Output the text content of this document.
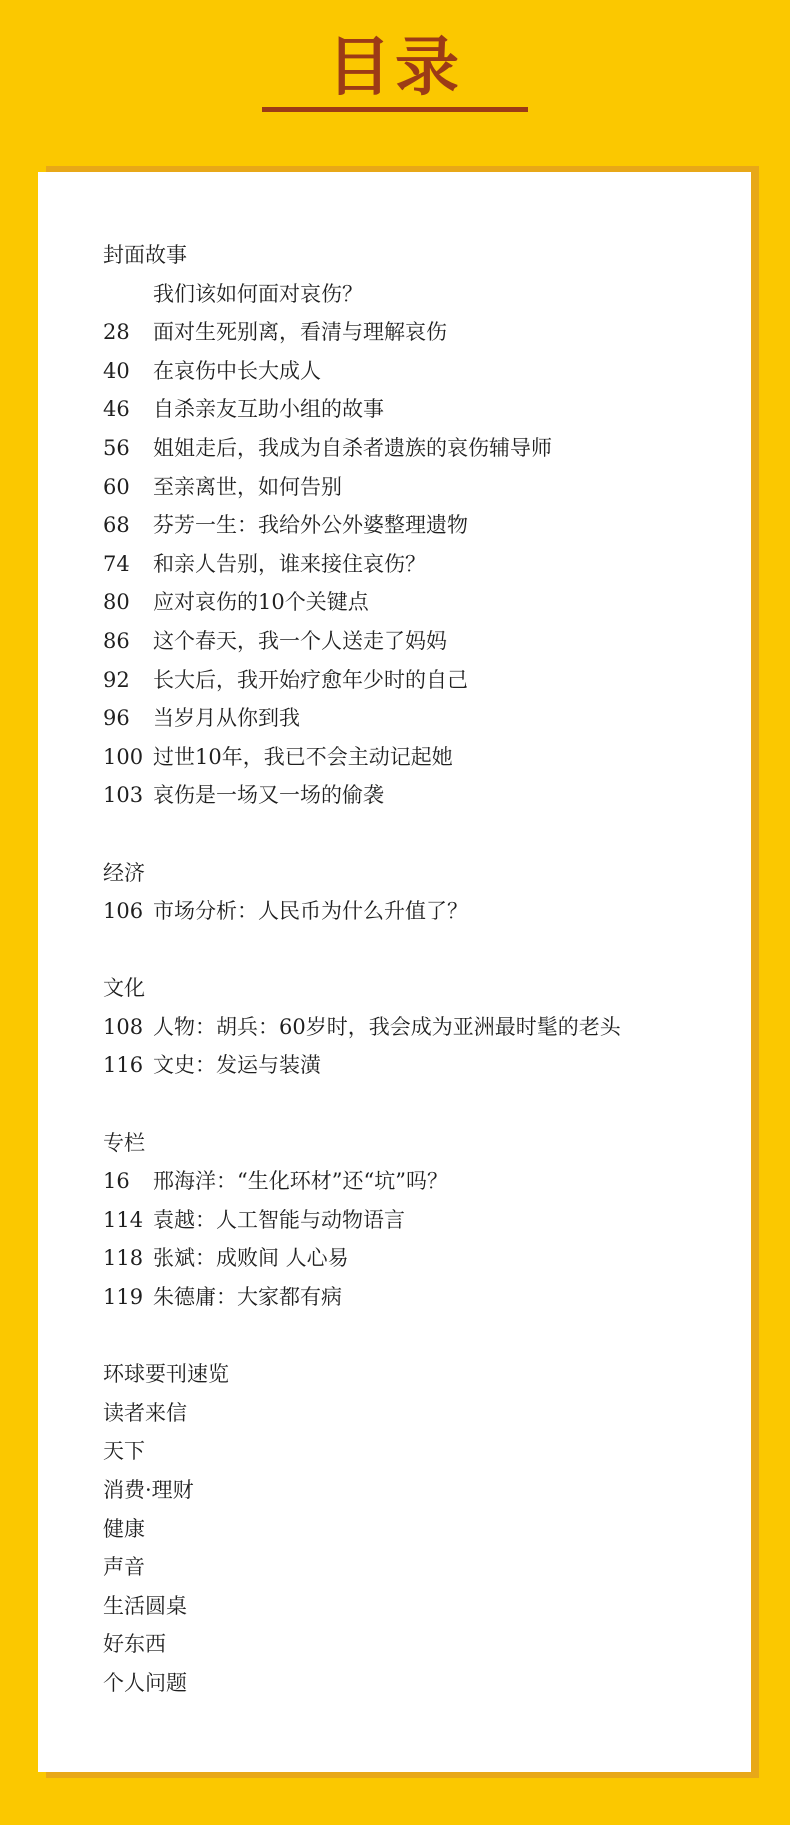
目录
封面故事
我们该如何面对哀伤？
28 面对生死别离，看清与理解哀伤
40 在哀伤中长大成人
46 自杀亲友互助小组的故事
56 姐姐走后，我成为自杀者遗族的哀伤辅导师
60 至亲离世，如何告别
68 芬芳一生：我给外公外婆整理遗物
74 和亲人告别，谁来接住哀伤？
80 应对哀伤的10个关键点
86 这个春天，我一个人送走了妈妈
92 长大后，我开始疗愈年少时的自己
96 当岁月从你到我
100 过世10年，我已不会主动记起她
103 哀伤是一场又一场的偷袭
经济
106 市场分析：人民币为什么升值了？
文化
108 人物：胡兵：60岁时，我会成为亚洲最时髦的老头
116 文史：发运与装潢
专栏
16 邢海洋：“生化环材”还“坑”吗？
114 袁越：人工智能与动物语言
118 张斌：成败间 人心易
119 朱德庸：大家都有病
环球要刊速览
读者来信
天下
消费·理财
健康
声音
生活圆桌
好东西
个人问题
